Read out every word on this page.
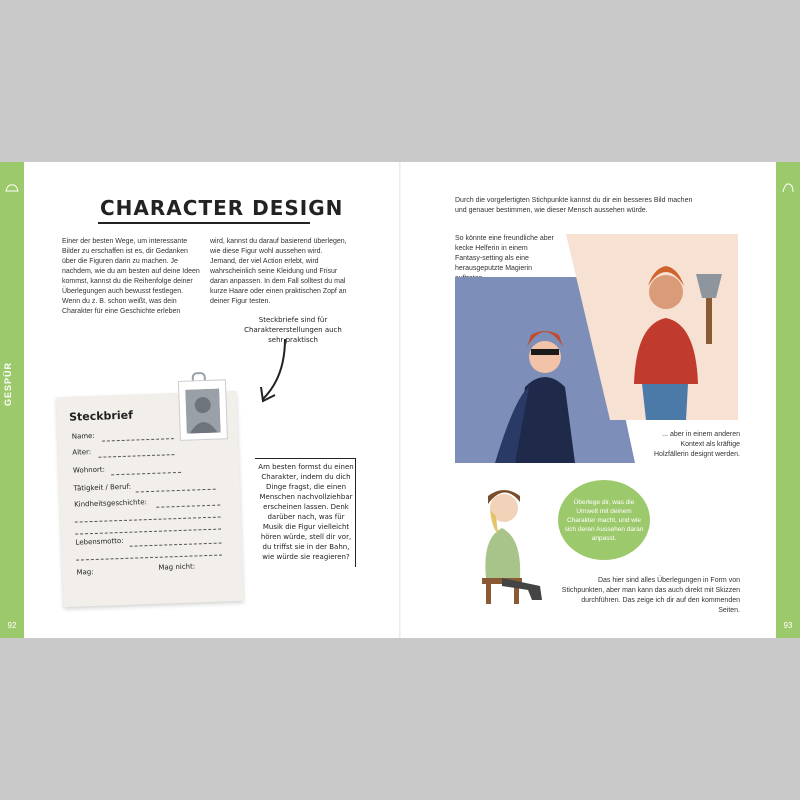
GESPÜR
92	93
CHARACTER DESIGN
Einer der besten Wege, um interessante Bilder zu erschaffen ist es, dir Gedanken über die Figuren darin zu machen. Je nachdem, wie du am besten auf deine Ideen kommst, kannst du die Reihenfolge deiner Überlegungen auch bewusst festlegen. Wenn du z. B. schon weißt, was dein Charakter für eine Geschichte erleben
wird, kannst du darauf basierend überlegen, wie diese Figur wohl aussehen wird. Jemand, der viel Action erlebt, wird wahrscheinlich seine Kleidung und Frisur daran anpassen. In dem Fall solltest du mal kurze Haare oder einen praktischen Zopf an deiner Figur testen.
Steckbriefe sind für Charaktererstellungen auch sehr praktisch
Am besten formst du einen Charakter, indem du dich Dinge fragst, die einen Menschen nachvollziehbar erscheinen lassen. Denk darüber nach, was für Musik die Figur vielleicht hören würde, stell dir vor, du triffst sie in der Bahn, wie würde sie reagieren?
Steckbrief
Name:
Alter:
Wohnort:
Tätigkeit / Beruf:
Kindheitsgeschichte:
Lebensmotto:
Mag:
Mag nicht:
Durch die vorgefertigten Stichpunkte kannst du dir ein besseres Bild machen und genauer bestimmen, wie dieser Mensch aussehen würde.
So könnte eine freundliche aber kecke Helferin in einem Fantasy-setting als eine herausgeputzte Magierin
... aber in einem anderen Kontext als kräftige Holzfällerin designt werden.
Überlege dir, was die Umwelt mit deinem Charakter macht, und wie sich deren Aussehen daran anpasst.
Das hier sind alles Überlegungen in Form von Stichpunkten, aber man kann das auch direkt mit Skizzen durchführen. Das zeige ich dir auf den kommenden Seiten.
